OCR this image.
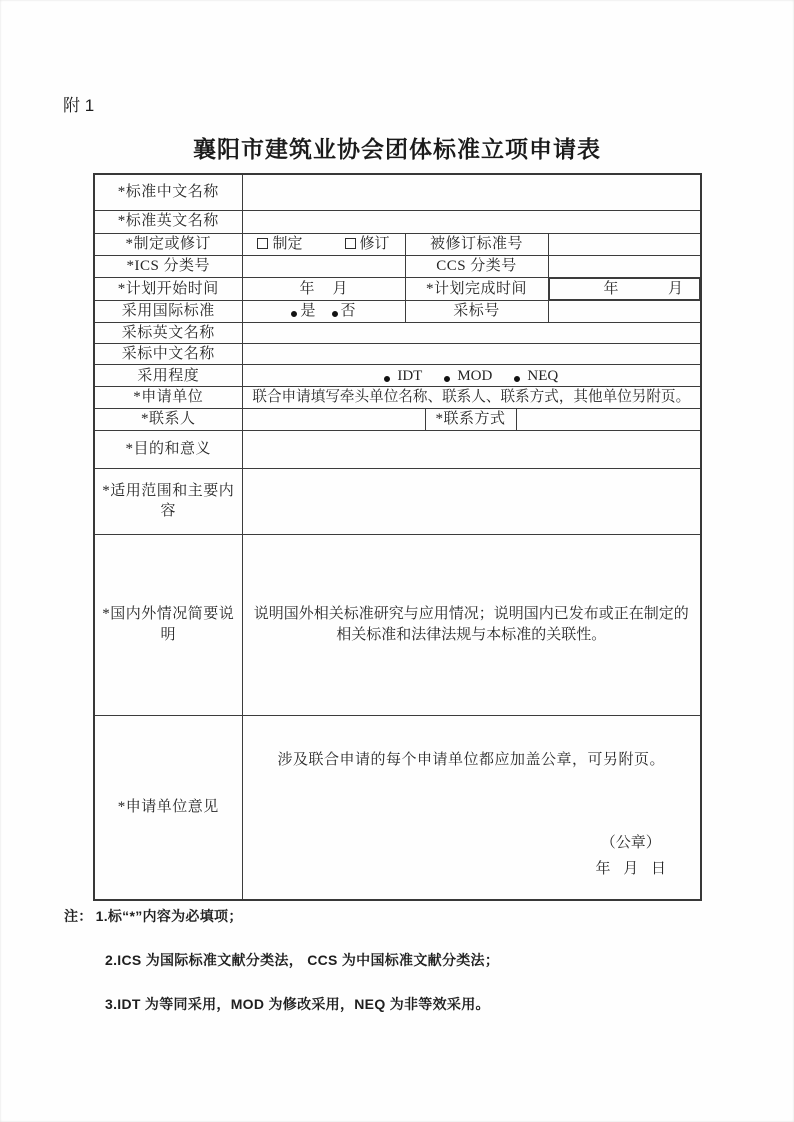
附 1
襄阳市建筑业协会团体标准立项申请表
*标准中文名称					
*标准英文名称					
*制定或修订	制定 修订	被修订标准号			
*ICS 分类号		CCS 分类号			
*计划开始时间	年 月	*计划完成时间		年	月

采用国际标准	是 否	采标号			
采标英文名称					
采标中文名称					
采用程度	IDT MOD NEQ				
*申请单位	联合申请填写牵头单位名称、联系人、联系方式，其他单位另附页。				
*联系人			*联系方式		
*目的和意义					
*适用范围和主要内容					
*国内外情况简要说明	说明国外相关标准研究与应用情况；说明国内已发布或正在制定的相关标准和法律法规与本标准的关联性。				
*申请单位意见	涉及联合申请的每个申请单位都应加盖公章，可另附页。
（公章）
年 月 日				
注： 1.标“*”内容为必填项；
2.ICS 为国际标准文献分类法， CCS 为中国标准文献分类法；
3.IDT 为等同采用，MOD 为修改采用，NEQ 为非等效采用。
